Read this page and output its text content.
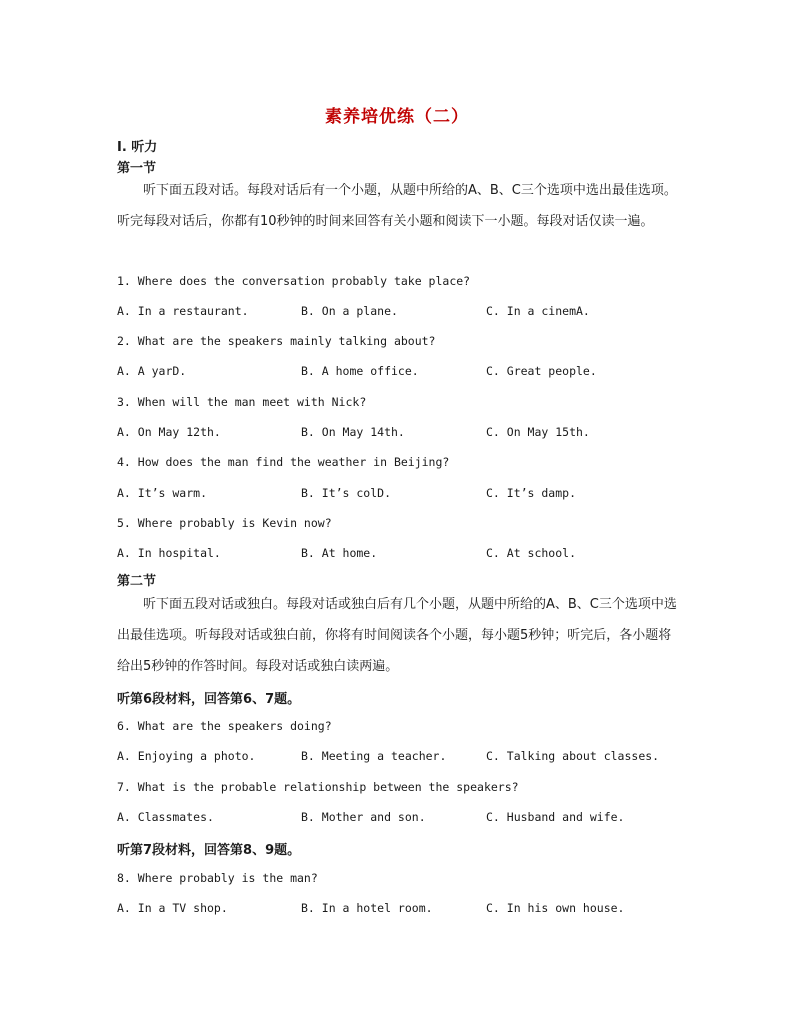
素养培优练（二）
Ⅰ. 听力
第一节
听下面五段对话。每段对话后有一个小题，从题中所给的A、B、C三个选项中选出最佳选项。听完每段对话后，你都有10秒钟的时间来回答有关小题和阅读下一小题。每段对话仅读一遍。
1. Where does the conversation probably take place?
A. In a restaurant.	B. On a plane.	C. In a cinemA.
2. What are the speakers mainly talking about?
A. A yarD.	B. A home office.	C. Great people.
3. When will the man meet with Nick?
A. On May 12th.	B. On May 14th.	C. On May 15th.
4. How does the man find the weather in Beijing?
A. It’s warm.	B. It’s colD.	C. It’s damp.
5. Where probably is Kevin now?
A. In hospital.	B. At home.	C. At school.
第二节
听下面五段对话或独白。每段对话或独白后有几个小题，从题中所给的A、B、C三个选项中选出最佳选项。听每段对话或独白前，你将有时间阅读各个小题，每小题5秒钟；听完后，各小题将给出5秒钟的作答时间。每段对话或独白读两遍。
听第6段材料，回答第6、7题。
6. What are the speakers doing?
A. Enjoying a photo.	B. Meeting a teacher.	C. Talking about classes.
7. What is the probable relationship between the speakers?
A. Classmates.	B. Mother and son.	C. Husband and wife.
听第7段材料，回答第8、9题。
8. Where probably is the man?
A. In a TV shop.	B. In a hotel room.	C. In his own house.
